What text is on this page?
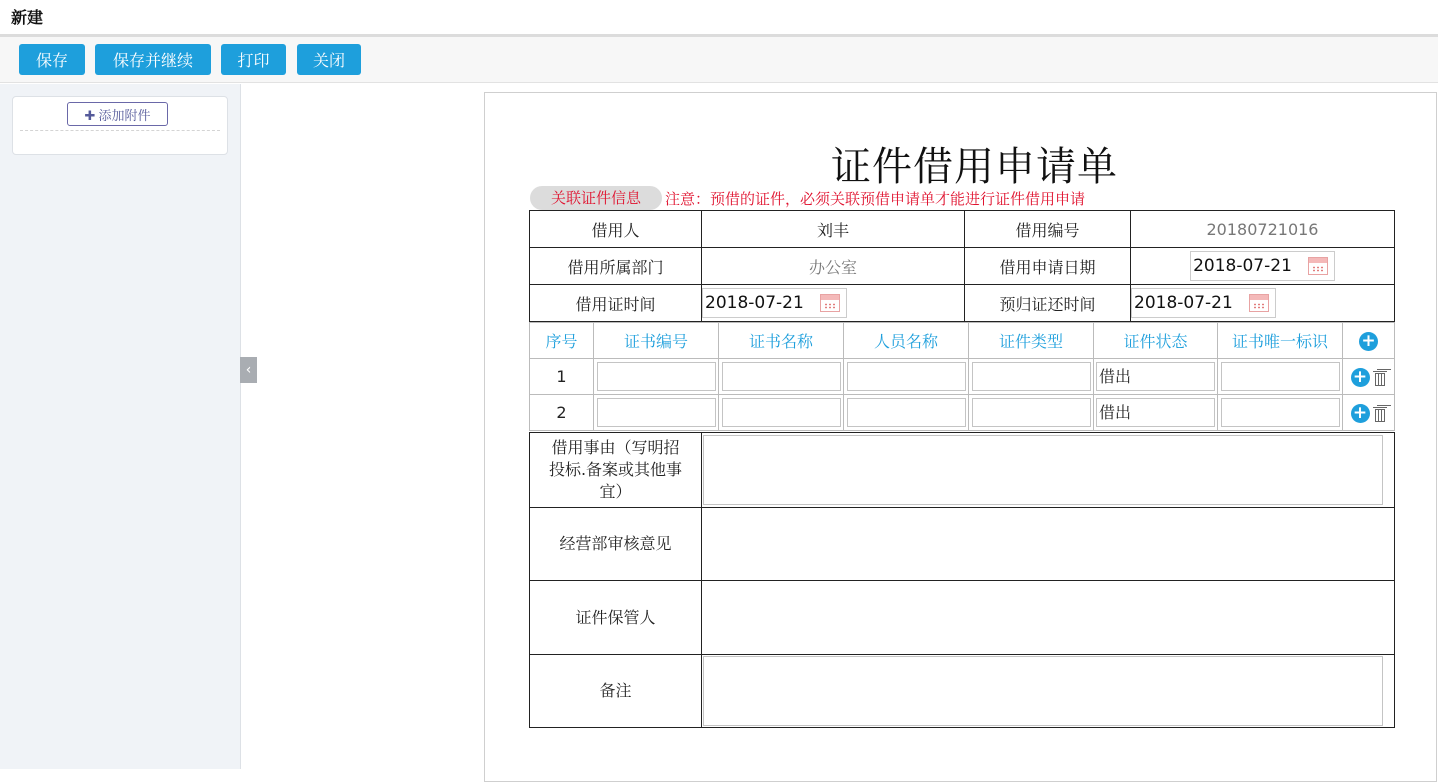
新建
保存	保存并继续	打印	关闭
✚ 添加附件
‹
证件借用申请单
关联证件信息	注意：预借的证件，必须关联预借申请单才能进行证件借用申请
借用人	刘丰	借用编号	20180721016
借用所属部门	办公室	借用申请日期	2018-07-21

借用证时间	2018-07-21	预归证还时间	2018-07-21
序号	证书编号	证书名称	人员名称	证件类型	证件状态	证书唯一标识	+
1					借出		+
2					借出		+
借用事由（写明招投标.备案或其他事宜）	

经营部审核意见	
证件保管人	
备注	
